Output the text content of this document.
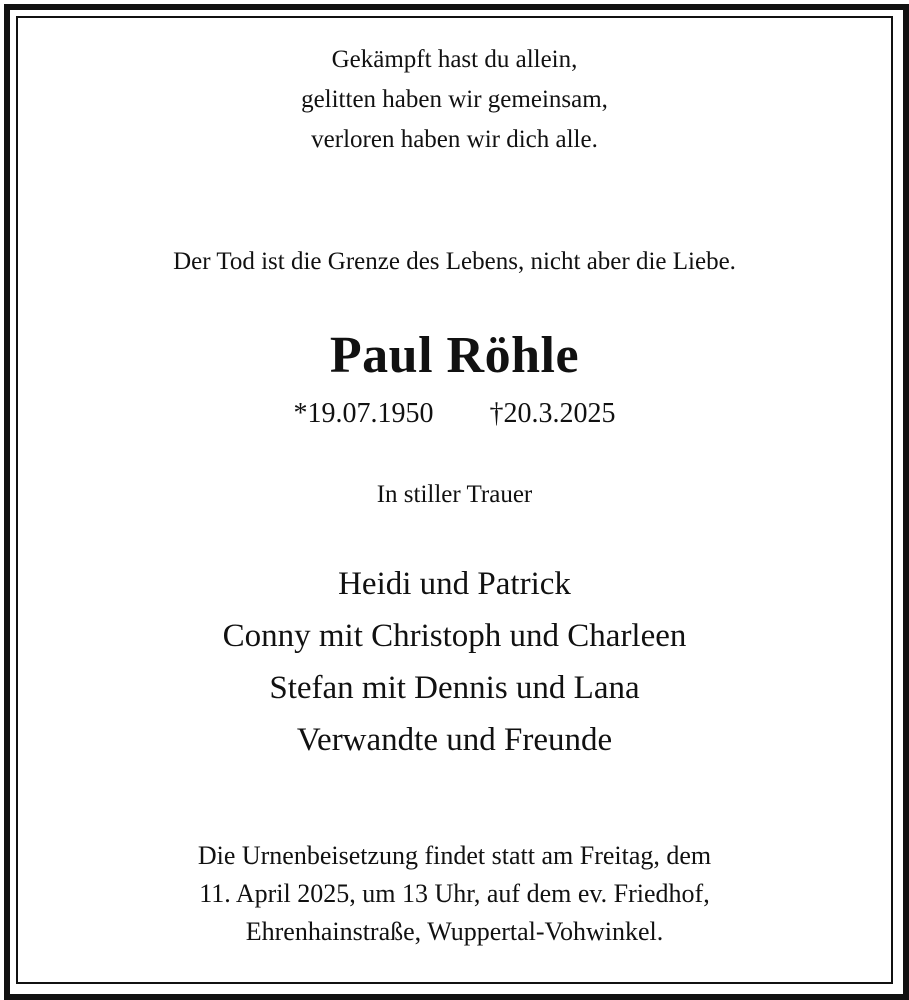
Gekämpft hast du allein,
gelitten haben wir gemeinsam,
verloren haben wir dich alle.
Der Tod ist die Grenze des Lebens, nicht aber die Liebe.
Paul Röhle
*19.07.1950 †20.3.2025
In stiller Trauer
Heidi und Patrick
Conny mit Christoph und Charleen
Stefan mit Dennis und Lana
Verwandte und Freunde
Die Urnenbeisetzung findet statt am Freitag, dem
11. April 2025, um 13 Uhr, auf dem ev. Friedhof,
Ehrenhainstraße, Wuppertal-Vohwinkel.
